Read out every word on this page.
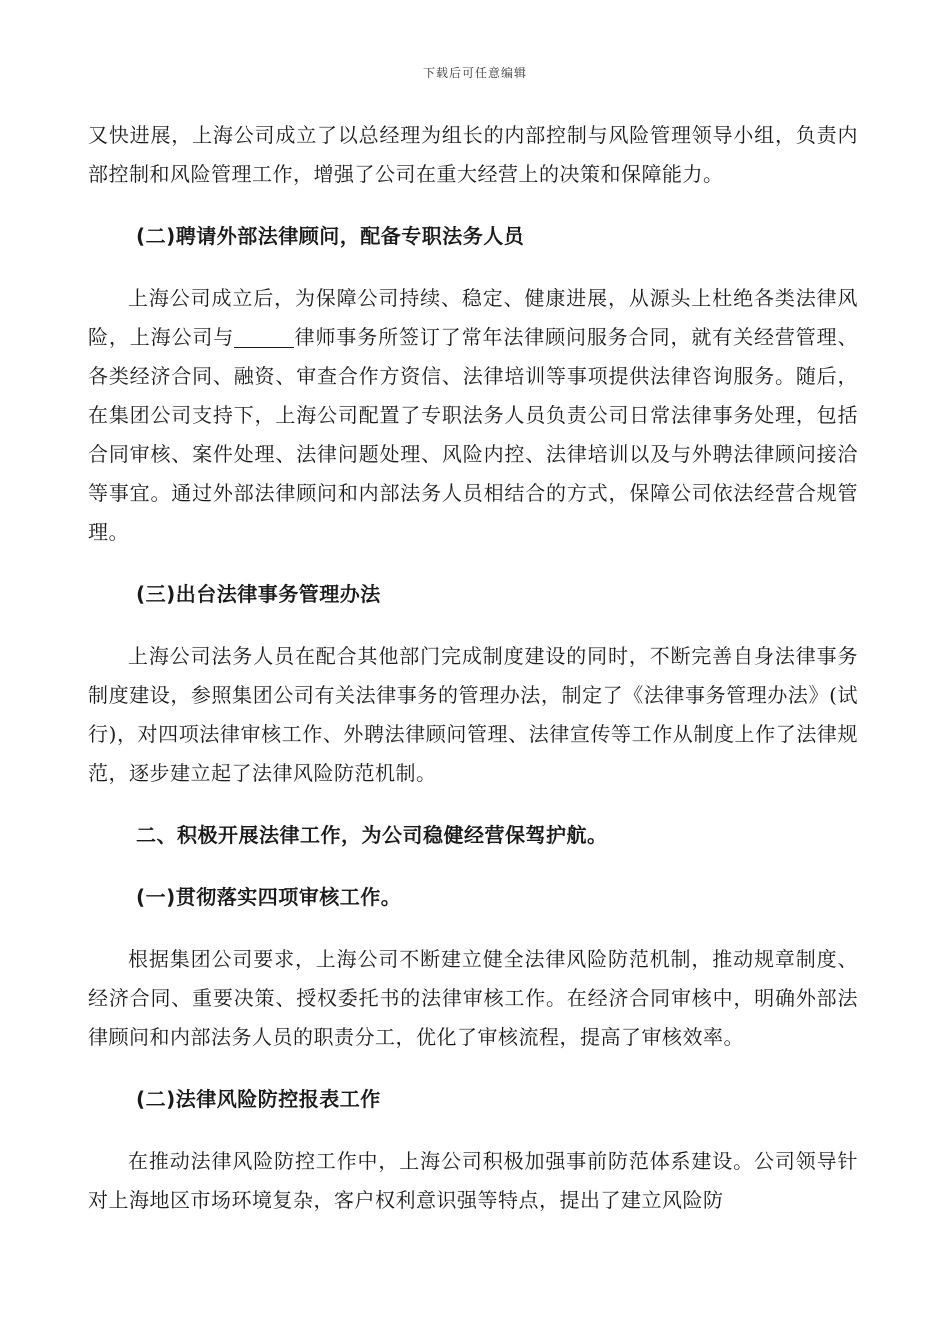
下载后可任意编辑

又快进展，上海公司成立了以总经理为组长的内部控制与风险管理领导小组，负责内部控制和风险管理工作，增强了公司在重大经营上的决策和保障能力。

(二)聘请外部法律顾问，配备专职法务人员

上海公司成立后，为保障公司持续、稳定、健康进展，从源头上杜绝各类法律风险，上海公司与	律师事务所签订了常年法律顾问服务合同，就有关经营管理、各类经济合同、融资、审查合作方资信、法律培训等事项提供法律咨询服务。随后，在集团公司支持下，上海公司配置了专职法务人员负责公司日常法律事务处理，包括合同审核、案件处理、法律问题处理、风险内控、法律培训以及与外聘法律顾问接洽等事宜。通过外部法律顾问和内部法务人员相结合的方式，保障公司依法经营合规管理。

(三)出台法律事务管理办法

上海公司法务人员在配合其他部门完成制度建设的同时，不断完善自身法律事务制度建设，参照集团公司有关法律事务的管理办法，制定了《法律事务管理办法》(试行)，对四项法律审核工作、外聘法律顾问管理、法律宣传等工作从制度上作了法律规范，逐步建立起了法律风险防范机制。

二、积极开展法律工作，为公司稳健经营保驾护航。

(一)贯彻落实四项审核工作。

根据集团公司要求，上海公司不断建立健全法律风险防范机制，推动规章制度、经济合同、重要决策、授权委托书的法律审核工作。在经济合同审核中，明确外部法律顾问和内部法务人员的职责分工，优化了审核流程，提高了审核效率。

(二)法律风险防控报表工作

在推动法律风险防控工作中，上海公司积极加强事前防范体系建设。公司领导针对上海地区市场环境复杂，客户权利意识强等特点，提出了建立风险防
